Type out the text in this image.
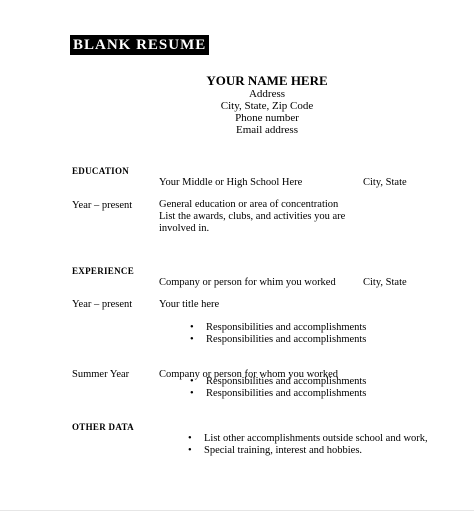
BLANK RESUME
YOUR NAME HERE
Address
City, State, Zip Code
Phone number
Email address
EDUCATION
Your Middle or High School Here	City, State
Year – present	General education or area of concentration
List the awards, clubs, and activities you are
involved in.
EXPERIENCE
Company or person for whim you worked	City, State
Year – present	Your title here
• Responsibilities and accomplishments
• Responsibilities and accomplishments
Summer Year	Company or person for whom you worked
• Responsibilities and accomplishments
• Responsibilities and accomplishments
OTHER DATA
• List other accomplishments outside school and work,
• Special training, interest and hobbies.
